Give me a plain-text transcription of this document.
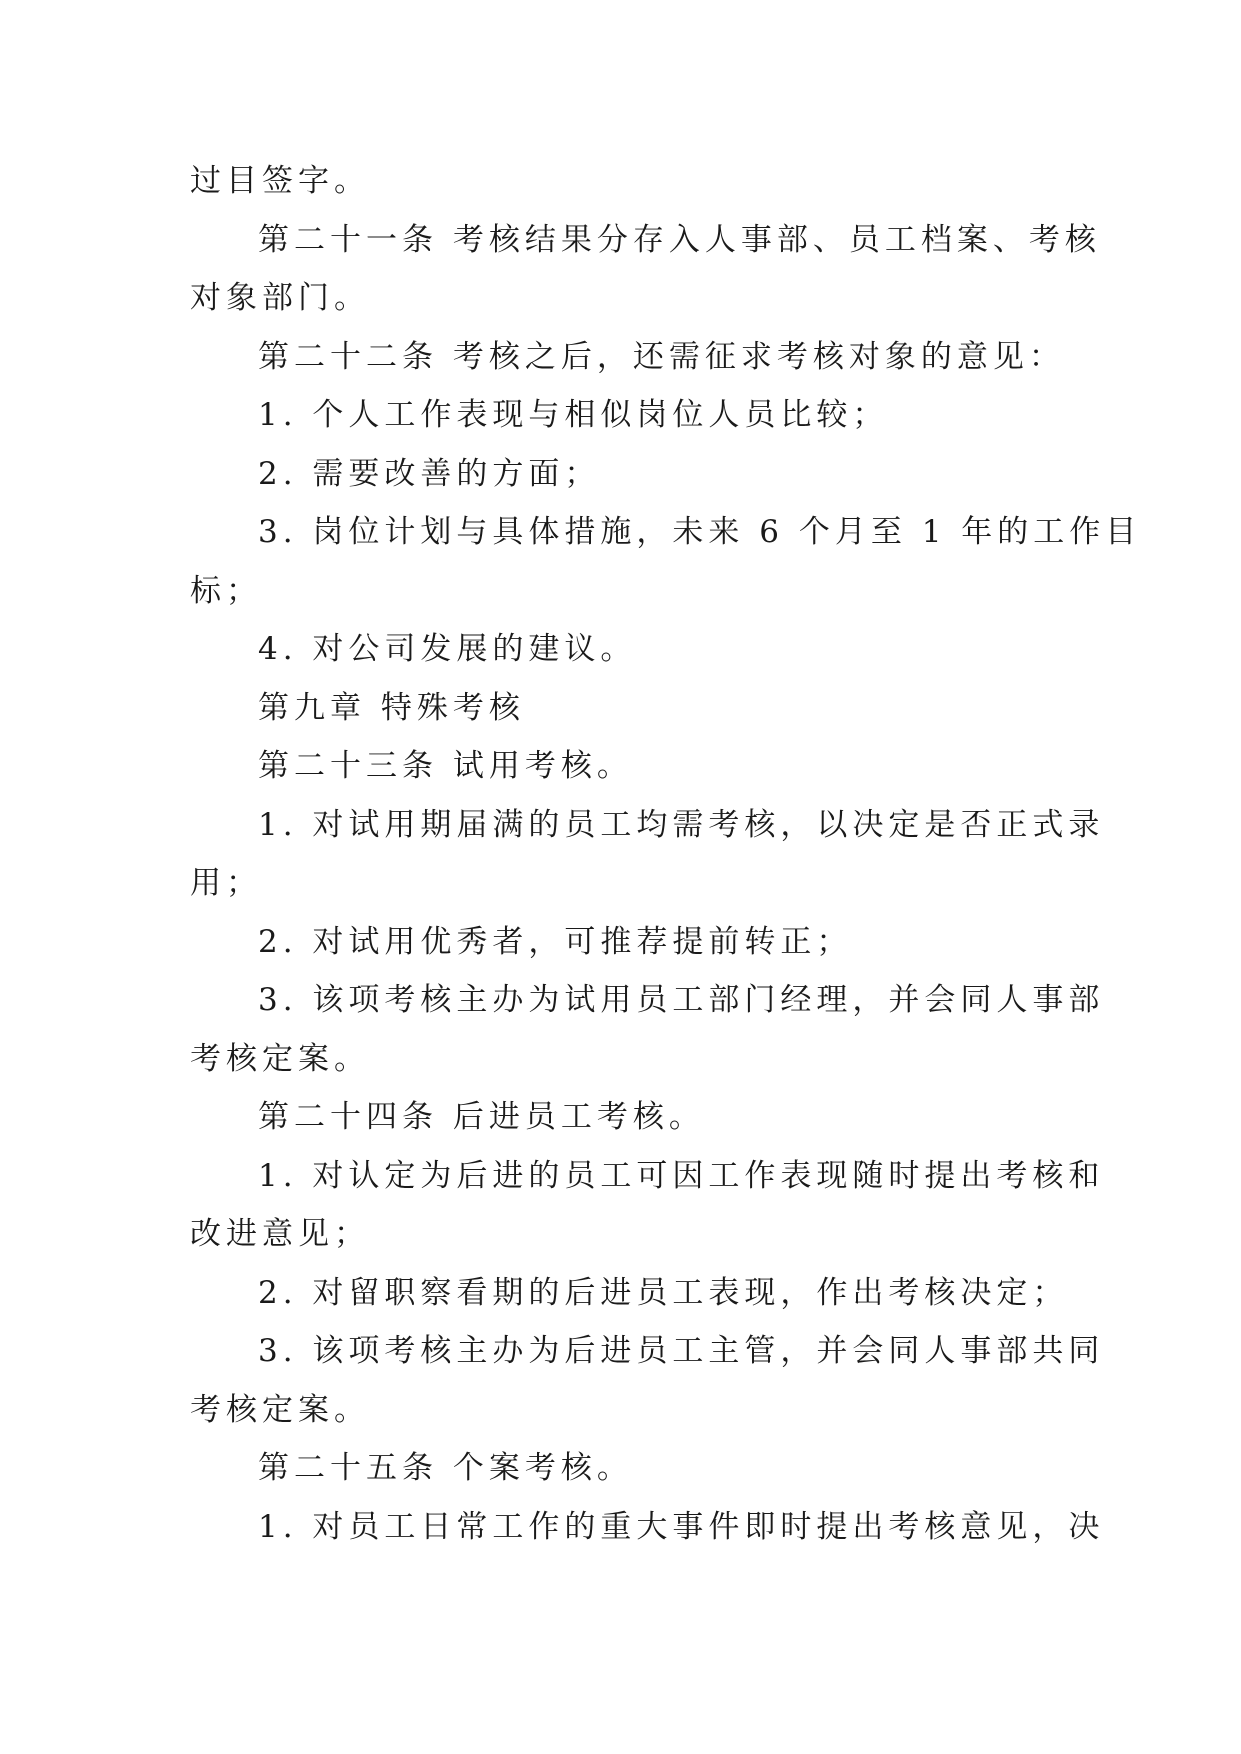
过目签字。

第二十一条 考核结果分存入人事部、员工档案、考核

对象部门。

第二十二条 考核之后，还需征求考核对象的意见：

1. 个人工作表现与相似岗位人员比较；

2. 需要改善的方面；

3. 岗位计划与具体措施，未来 6 个月至 1 年的工作目

标；

4. 对公司发展的建议。

第九章 特殊考核

第二十三条 试用考核。

1. 对试用期届满的员工均需考核，以决定是否正式录

用；

2. 对试用优秀者，可推荐提前转正；

3. 该项考核主办为试用员工部门经理，并会同人事部

考核定案。

第二十四条 后进员工考核。

1. 对认定为后进的员工可因工作表现随时提出考核和

改进意见；

2. 对留职察看期的后进员工表现，作出考核决定；

3. 该项考核主办为后进员工主管，并会同人事部共同

考核定案。

第二十五条 个案考核。

1. 对员工日常工作的重大事件即时提出考核意见，决
